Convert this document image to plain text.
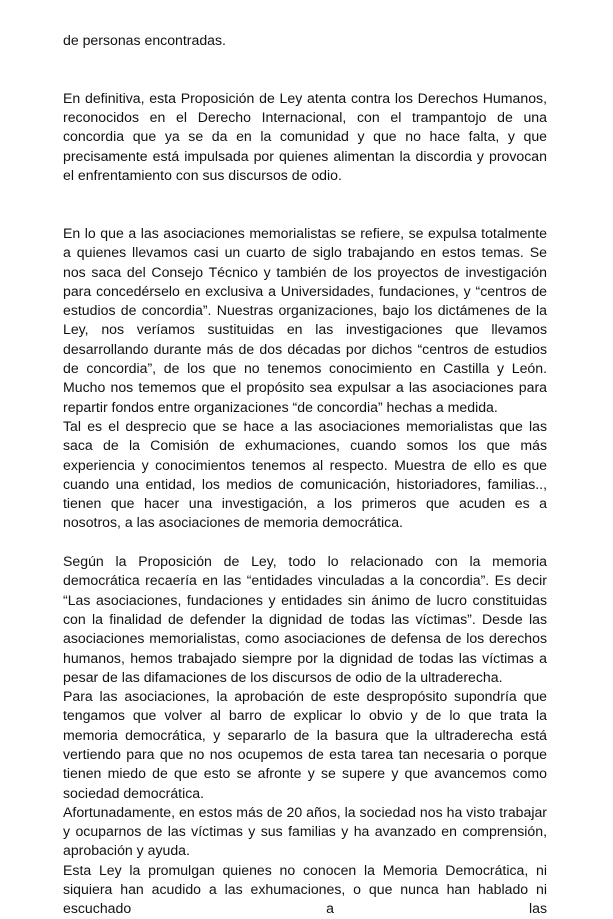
de personas encontradas.

En definitiva, esta Proposición de Ley atenta contra los Derechos Humanos, reconocidos en el Derecho Internacional, con el trampantojo de una concordia que ya se da en la comunidad y que no hace falta, y que precisamente está impulsada por quienes alimentan la discordia y provocan el enfrentamiento con sus discursos de odio.

En lo que a las asociaciones memorialistas se refiere, se expulsa totalmente a quienes llevamos casi un cuarto de siglo trabajando en estos temas. Se nos saca del Consejo Técnico y también de los proyectos de investigación para concedérselo en exclusiva a Universidades, fundaciones, y “centros de estudios de concordia”. Nuestras organizaciones, bajo los dictámenes de la Ley, nos veríamos sustituidas en las investigaciones que llevamos desarrollando durante más de dos décadas por dichos “centros de estudios de concordia”, de los que no tenemos conocimiento en Castilla y León. Mucho nos tememos que el propósito sea expulsar a las asociaciones para repartir fondos entre organizaciones “de concordia” hechas a medida.

Tal es el desprecio que se hace a las asociaciones memorialistas que las saca de la Comisión de exhumaciones, cuando somos los que más experiencia y conocimientos tenemos al respecto. Muestra de ello es que cuando una entidad, los medios de comunicación, historiadores, familias.., tienen que hacer una investigación, a los primeros que acuden es a nosotros, a las asociaciones de memoria democrática.

Según la Proposición de Ley, todo lo relacionado con la memoria democrática recaería en las “entidades vinculadas a la concordia”. Es decir “Las asociaciones, fundaciones y entidades sin ánimo de lucro constituidas con la finalidad de defender la dignidad de todas las víctimas”. Desde las asociaciones memorialistas, como asociaciones de defensa de los derechos humanos, hemos trabajado siempre por la dignidad de todas las víctimas a pesar de las difamaciones de los discursos de odio de la ultraderecha.

Para las asociaciones, la aprobación de este despropósito supondría que tengamos que volver al barro de explicar lo obvio y de lo que trata la memoria democrática, y separarlo de la basura que la ultraderecha está vertiendo para que no nos ocupemos de esta tarea tan necesaria o porque tienen miedo de que esto se afronte y se supere y que avancemos como sociedad democrática.

Afortunadamente, en estos más de 20 años, la sociedad nos ha visto trabajar y ocuparnos de las víctimas y sus familias y ha avanzado en comprensión, aprobación y ayuda.

Esta Ley la promulgan quienes no conocen la Memoria Democrática, ni siquiera han acudido a las exhumaciones, o que nunca han hablado ni escuchado a las
